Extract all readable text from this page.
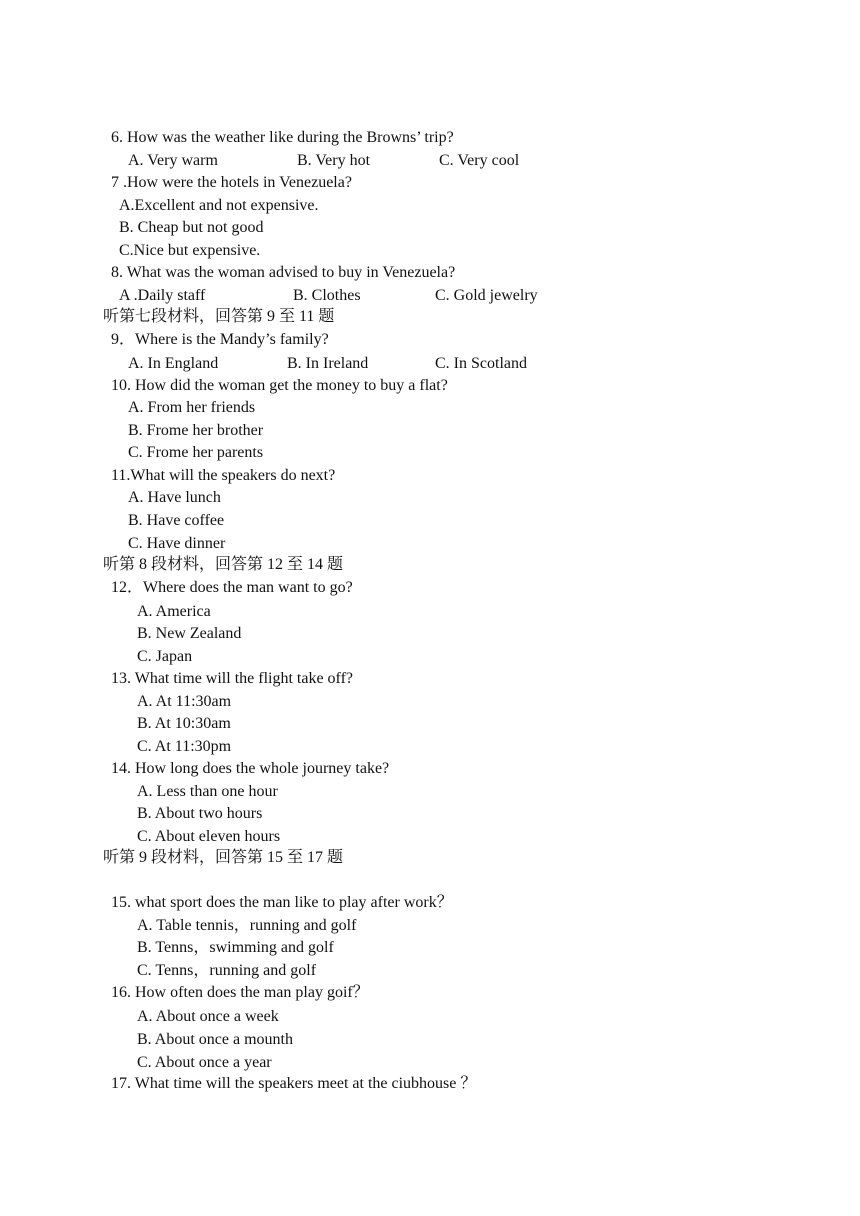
6. How was the weather like during the Browns’ trip?
A. Very warm	B. Very hot	C. Very cool
7 .How were the hotels in Venezuela?
A.Excellent and not expensive.
B. Cheap but not good
C.Nice but expensive.
8. What was the woman advised to buy in Venezuela?
A .Daily staff	B. Clothes	C. Gold jewelry
听第七段材料，回答第 9 至 11 题
9．Where is the Mandy’s family?
A. In England	B. In Ireland	C. In Scotland
10. How did the woman get the money to buy a flat?
A. From her friends
B. Frome her brother
C. Frome her parents
11.What will the speakers do next?
A. Have lunch
B. Have coffee
C. Have dinner
听第 8 段材料，回答第 12 至 14 题
12．Where does the man want to go?
A. America
B. New Zealand
C. Japan
13. What time will the flight take off?
A. At 11:30am
B. At 10:30am
C. At 11:30pm
14. How long does the whole journey take?
A. Less than one hour
B. About two hours
C. About eleven hours
听第 9 段材料，回答第 15 至 17 题
15. what sport does the man like to play after work？
A. Table tennis，running and golf
B. Tenns，swimming and golf
C. Tenns，running and golf
16. How often does the man play goif？
A. About once a week
B. About once a mounth
C. About once a year
17. What time will the speakers meet at the ciubhouse ？
